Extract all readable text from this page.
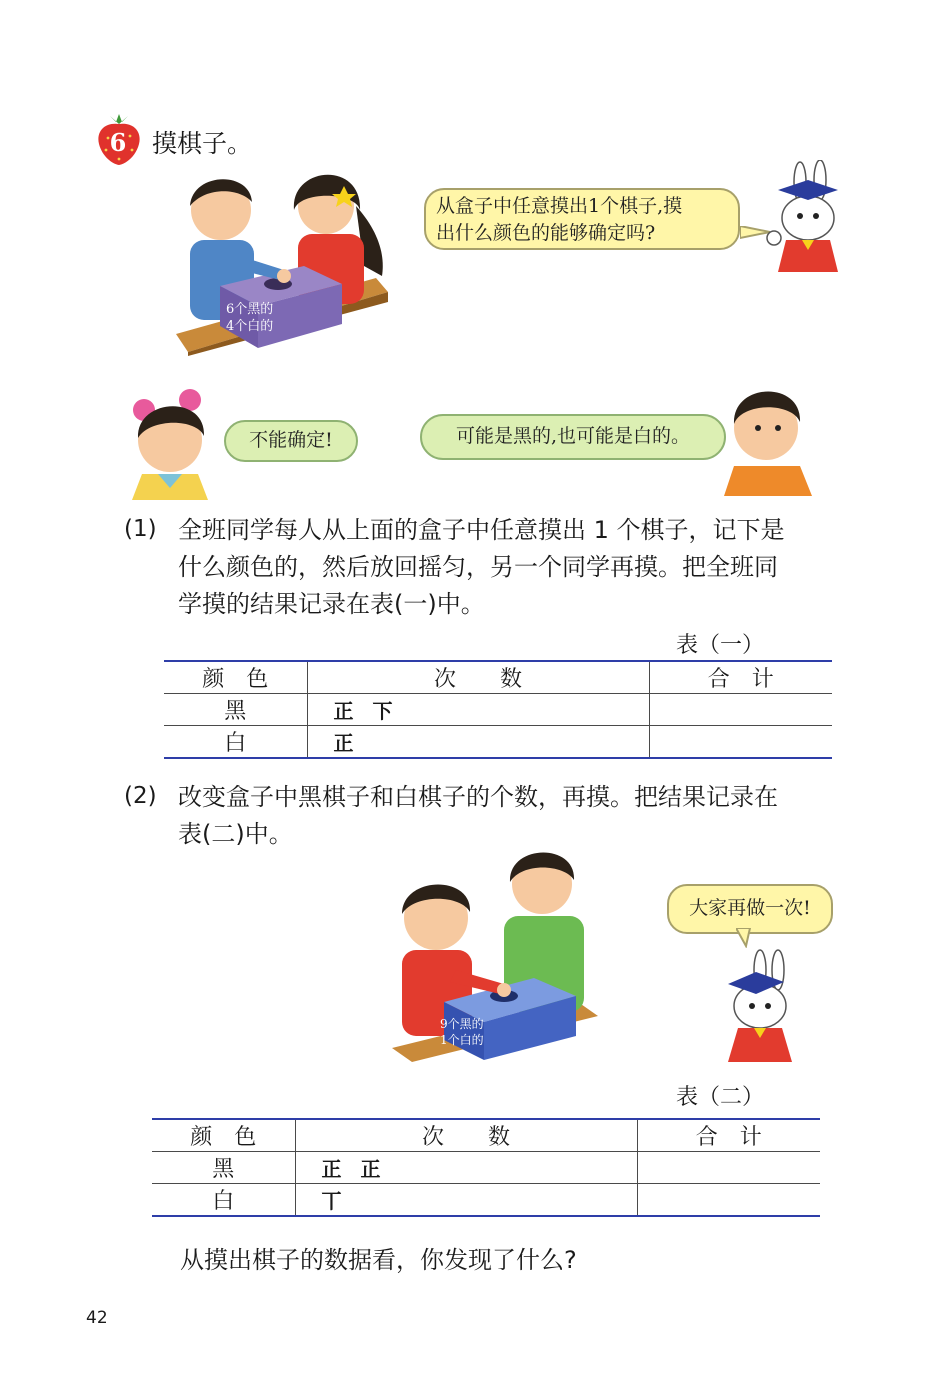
6	摸棋子。
6个黑的
4个白的
从盒子中任意摸出1个棋子,摸
出什么颜色的能够确定吗?
不能确定!	可能是黑的,也可能是白的。
(1) 全班同学每人从上面的盒子中任意摸出 1 个棋子，记下是
什么颜色的，然后放回摇匀，另一个同学再摸。把全班同
学摸的结果记录在表(一)中。
表（一）
颜　色	次　　数	合　计
黑	正 下	
白	正	
(2) 改变盒子中黑棋子和白棋子的个数，再摸。把结果记录在
表(二)中。
9个黑的
1个白的
大家再做一次!
表（二）
颜　色	次　　数	合　计
黑	正 正	
白	丅	
从摸出棋子的数据看，你发现了什么?
42
